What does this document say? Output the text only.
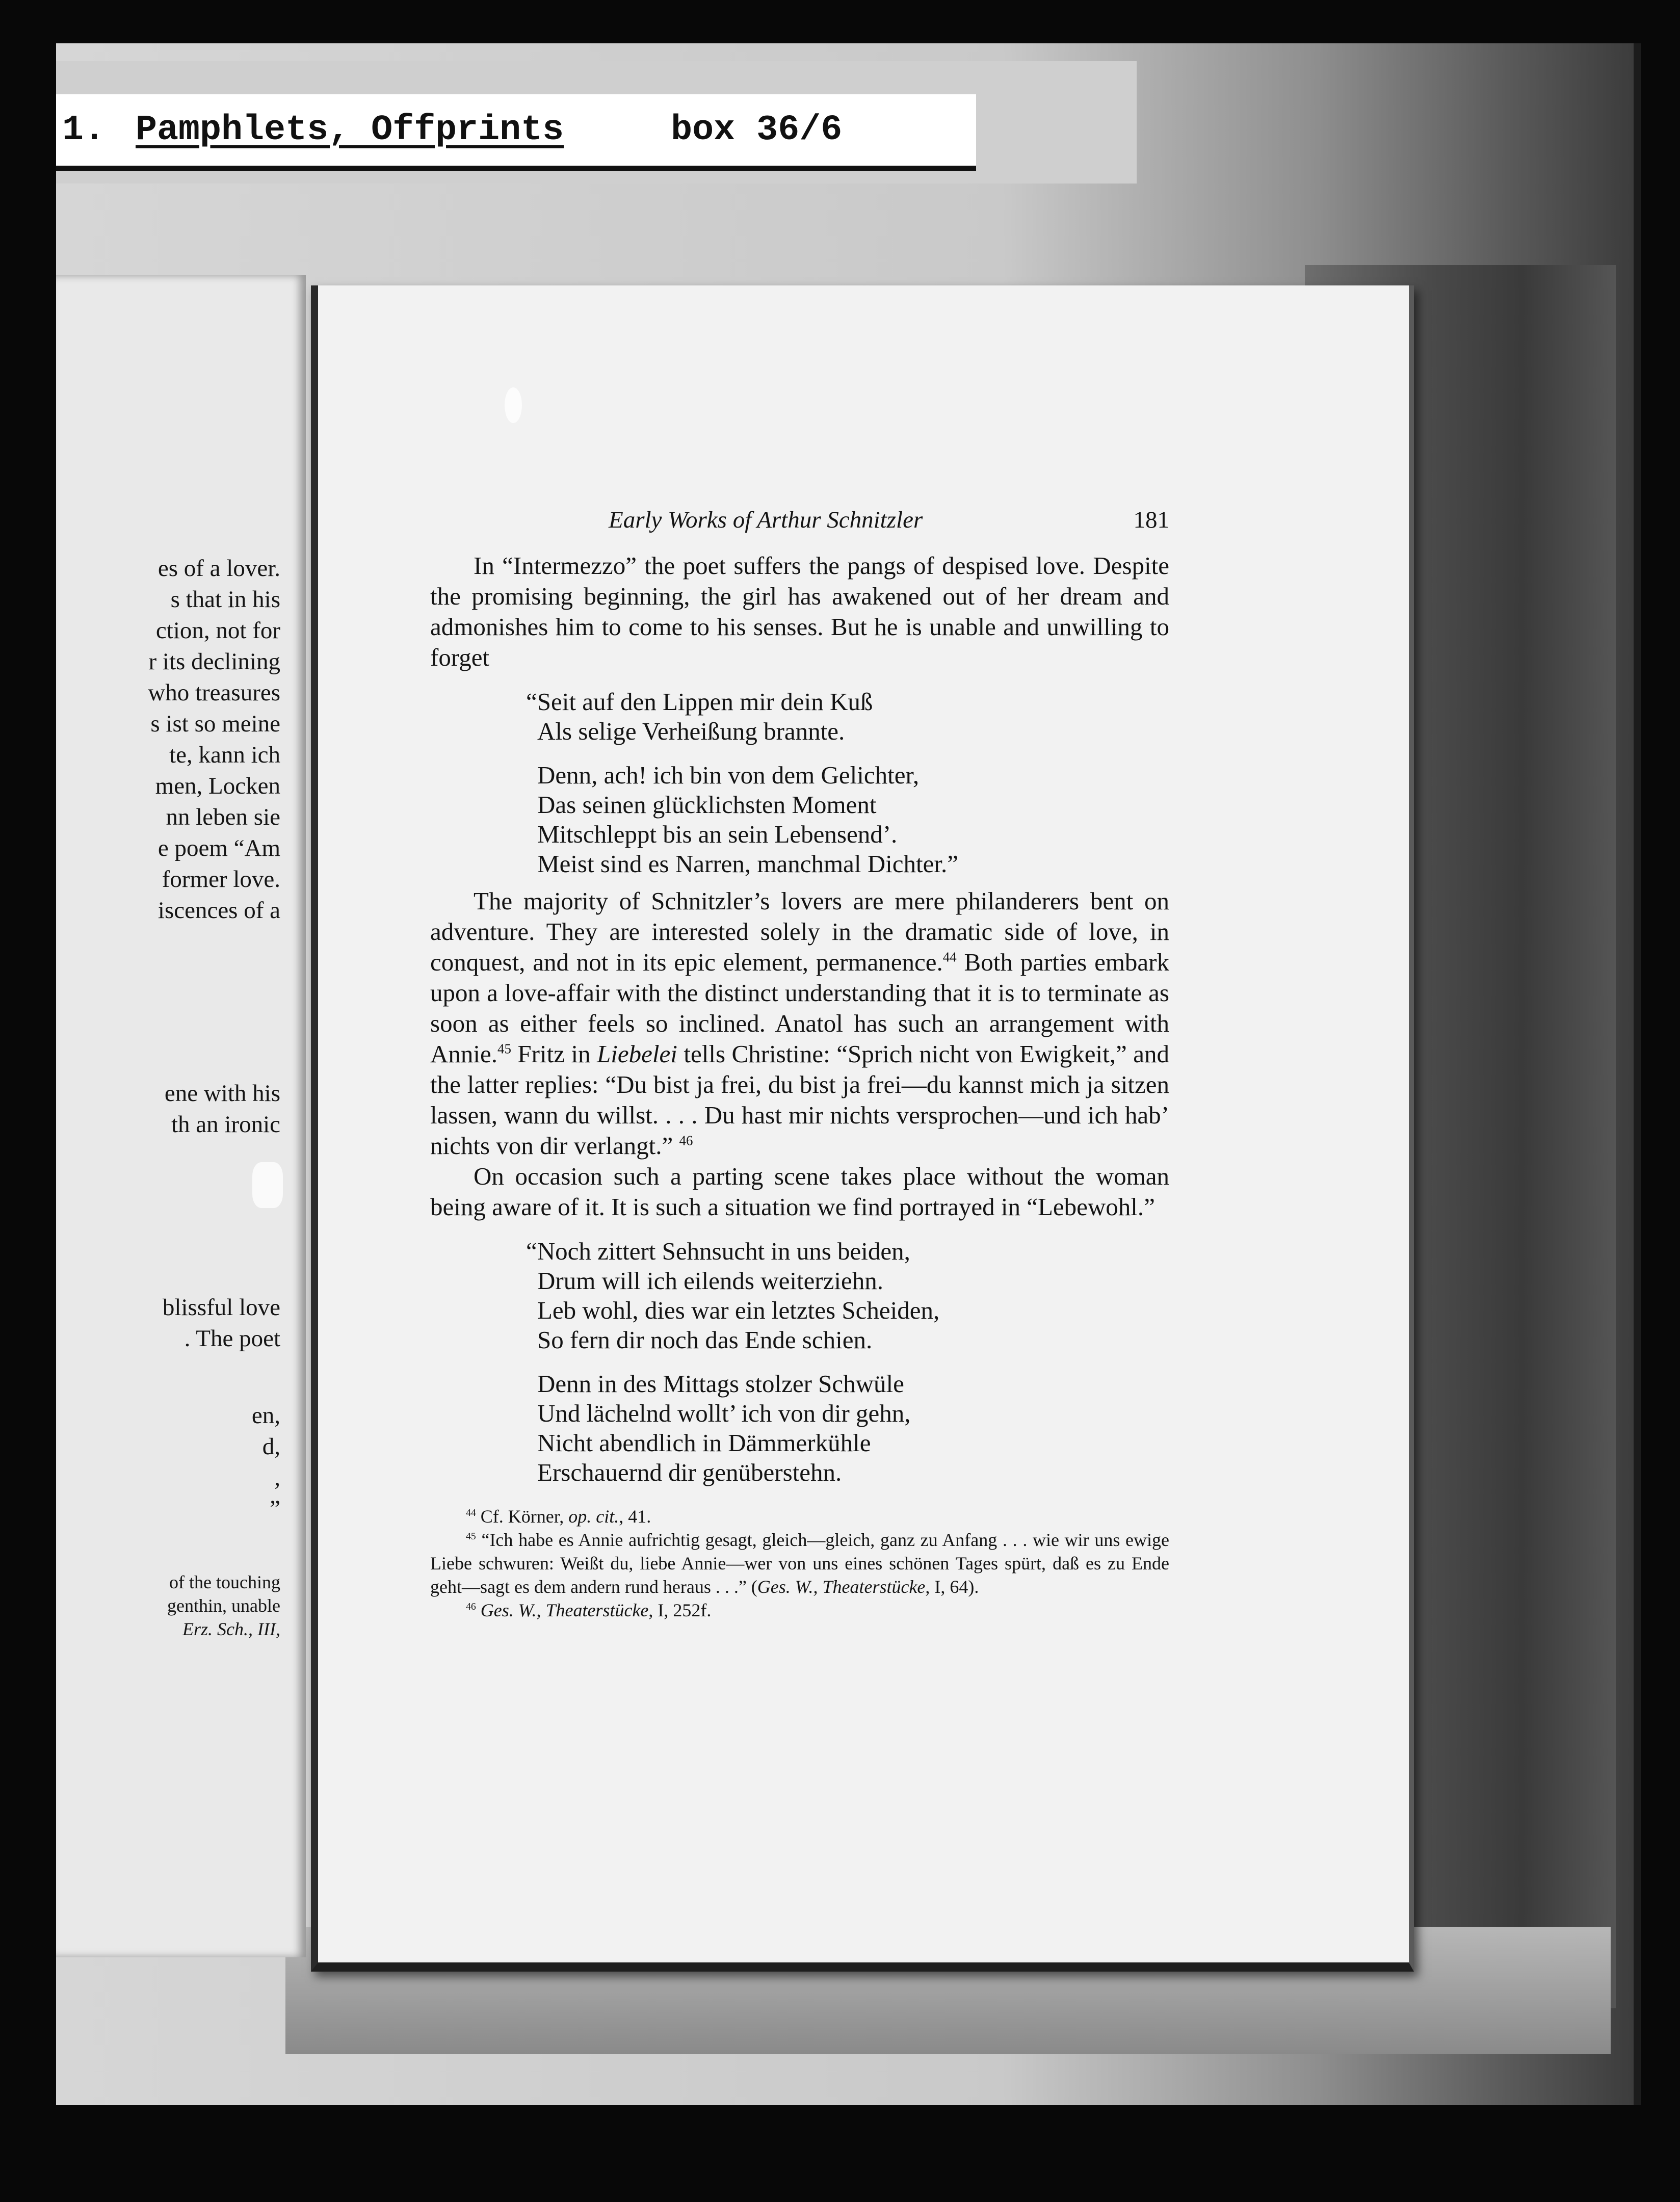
1. Pamphlets, Offprints	box 36/6
es of a lover.
s that in his
ction, not for
r its declining
who treasures
s ist so meine
te, kann ich
men, Locken
nn leben sie
e poem “Am
former love.
iscences of a
ene with his
th an ironic
blissful love
. The poet
en,
d,
,
”
of the touching
genthin, unable
Erz. Sch., III,
Early Works of Arthur Schnitzler	181

In “Intermezzo” the poet suffers the pangs of despised love. Despite the promising beginning, the girl has awakened out of her dream and admonishes him to come to his senses. But he is unable and unwilling to forget

“Seit auf den Lippen mir dein Kuß
Als selige Verheißung brannte.
Denn, ach! ich bin von dem Gelichter,
Das seinen glücklichsten Moment
Mitschleppt bis an sein Lebensend’.
Meist sind es Narren, manchmal Dichter.”

The majority of Schnitzler’s lovers are mere philanderers bent on adventure. They are interested solely in the dramatic side of love, in conquest, and not in its epic element, permanence.$^{44}$ Both parties embark upon a love-affair with the distinct understanding that it is to terminate as soon as either feels so inclined. Anatol has such an arrangement with Annie.$^{45}$ Fritz in Liebelei tells Christine: “Sprich nicht von Ewigkeit,” and the latter replies: “Du bist ja frei, du bist ja frei—du kannst mich ja sitzen lassen, wann du willst. . . . Du hast mir nichts versprochen—und ich hab’ nichts von dir verlangt.” $^{46}$

On occasion such a parting scene takes place without the woman being aware of it. It is such a situation we find portrayed in “Lebewohl.”

“Noch zittert Sehnsucht in uns beiden,
Drum will ich eilends weiterziehn.
Leb wohl, dies war ein letztes Scheiden,
So fern dir noch das Ende schien.
Denn in des Mittags stolzer Schwüle
Und lächelnd wollt’ ich von dir gehn,
Nicht abendlich in Dämmerkühle
Erschauernd dir genüberstehn.

$^{44}$ Cf. Körner, op. cit., 41.

$^{45}$ “Ich habe es Annie aufrichtig gesagt, gleich—gleich, ganz zu Anfang . . . wie wir uns ewige Liebe schwuren: Weißt du, liebe Annie—wer von uns eines schönen Tages spürt, daß es zu Ende geht—sagt es dem andern rund heraus . . .” (Ges. W., Theaterstücke, I, 64).

$^{46}$ Ges. W., Theaterstücke, I, 252f.
